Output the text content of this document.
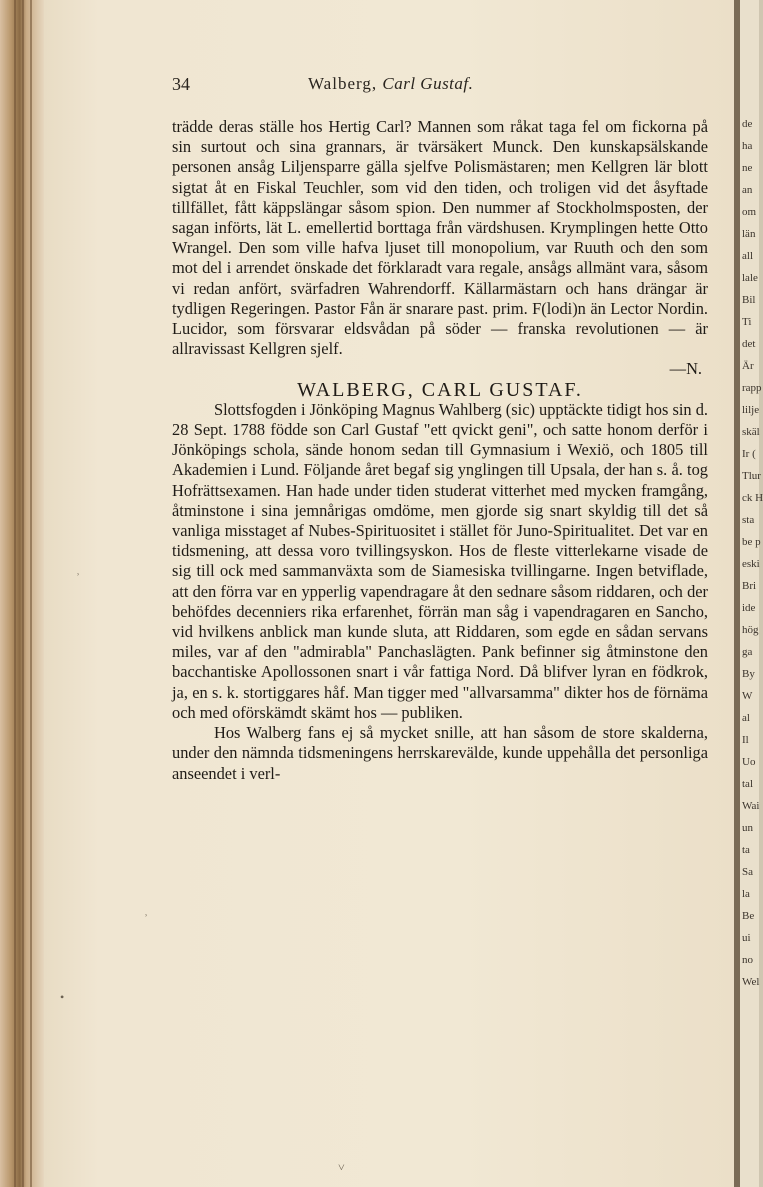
de
ha
ne
an
om
län
all
lale
Bil
Ti
det
Är
rapp
lilje
skäl
Ir (
Tlur
ck H
sta
be p
eski
Bri
ide
hög
ga
By
W
al
Il
Uo
tal
Wai
un
ta
Sa
la
Be
ui
no
Wel
34	Walberg, Carl Gustaf.

trädde deras ställe hos Hertig Carl? Mannen som råkat taga fel om fickorna på sin surtout och sina grannars, är tvärsäkert Munck. Den kunskapsälskande personen ansåg Liljensparre gälla sjelfve Polismästaren; men Kellgren lär blott sigtat åt en Fiskal Teuchler, som vid den tiden, och troligen vid det åsyftade tillfället, fått käppslängar såsom spion. Den nummer af Stockholmsposten, der sagan införts, lät L. emellertid borttaga från värdshusen. Krymplingen hette Otto Wrangel. Den som ville hafva ljuset till monopolium, var Ruuth och den som mot del i arrendet önskade det förklaradt vara regale, ansågs allmänt vara, såsom vi redan anfört, svärfadren Wahrendorff. Källarmästarn och hans drängar är tydligen Regeringen. Pastor Fån är snarare past. prim. F(lodi)n än Lector Nordin. Lucidor, som försvarar eldsvådan på söder — franska revolutionen — är allravissast Kellgren sjelf.

—N.

WALBERG, CARL GUSTAF.

Slottsfogden i Jönköping Magnus Wahlberg (sic) upptäckte tidigt hos sin d. 28 Sept. 1788 födde son Carl Gustaf "ett qvickt geni", och satte honom derför i Jönköpings schola, sände honom sedan till Gymnasium i Wexiö, och 1805 till Akademien i Lund. Följande året begaf sig ynglingen till Upsala, der han s. å. tog Hofrättsexamen. Han hade under tiden studerat vitterhet med mycken framgång, åtminstone i sina jemnårigas omdöme, men gjorde sig snart skyldig till det så vanliga misstaget af Nubes-Spirituositet i stället för Juno-Spiritualitet. Det var en tidsmening, att dessa voro tvillingsyskon. Hos de fleste vitterlekarne visade de sig till ock med sammanväxta som de Siamesiska tvillingarne. Ingen betviflade, att den förra var en ypperlig vapendragare åt den sednare såsom riddaren, och der behöfdes decenniers rika erfarenhet, förrän man såg i vapendragaren en Sancho, vid hvilkens anblick man kunde sluta, att Riddaren, som egde en sådan servans miles, var af den "admirabla" Panchaslägten. Pank befinner sig åtminstone den bacchantiske Apollossonen snart i vår fattiga Nord. Då blifver lyran en födkrok, ja, en s. k. stortiggares håf. Man tigger med "allvarsamma" dikter hos de förnäma och med oförskämdt skämt hos — publiken.

Hos Walberg fans ej så mycket snille, att han såsom de store skalderna, under den nämnda tidsmeningens herrskarevälde, kunde uppehålla det personliga anseendet i verl-

˒
˒
•
˅
